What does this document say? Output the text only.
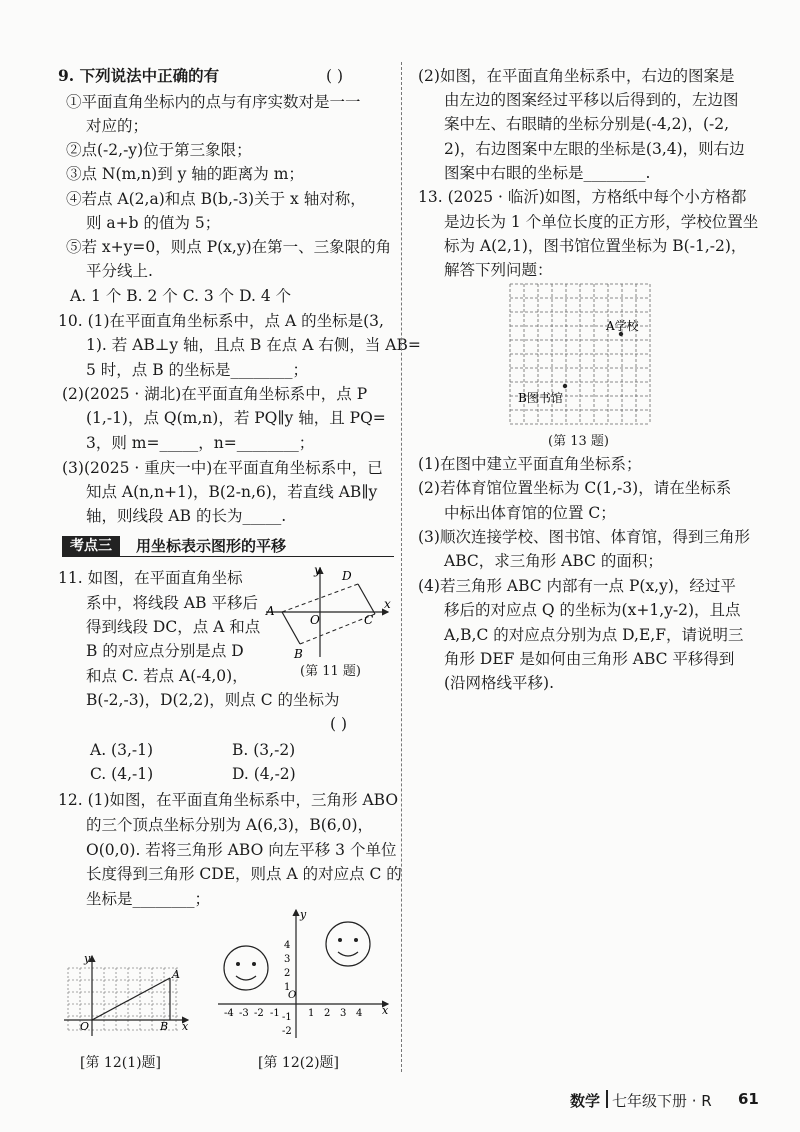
9. 下列说法中正确的有	( )
①平面直角坐标内的点与有序实数对是一一
对应的；
②点(-2,-y)位于第三象限；
③点 N(m,n)到 y 轴的距离为 m；
④若点 A(2,a)和点 B(b,-3)关于 x 轴对称，
则 a+b 的值为 5；
⑤若 x+y=0，则点 P(x,y)在第一、三象限的角
平分线上.
A. 1 个 B. 2 个 C. 3 个 D. 4 个
10. (1)在平面直角坐标系中，点 A 的坐标是(3,
1). 若 AB⊥y 轴，且点 B 在点 A 右侧，当 AB=
5 时，点 B 的坐标是________；
(2)(2025 · 湖北)在平面直角坐标系中，点 P
(1,-1)，点 Q(m,n)，若 PQ∥y 轴，且 PQ=
3，则 m=_____，n=________；
(3)(2025 · 重庆一中)在平面直角坐标系中，已
知点 A(n,n+1)，B(2-n,6)，若直线 AB∥y
轴，则线段 AB 的长为_____.
考点三	用坐标表示图形的平移
11. 如图，在平面直角坐标
系中，将线段 AB 平移后
得到线段 DC，点 A 和点
B 的对应点分别是点 D
和点 C. 若点 A(-4,0)，
B(-2,-3)，D(2,2)，则点 C 的坐标为
( )
A. (3,-1)	B. (3,-2)
C. (4,-1)	D. (4,-2)
y
x
O
A
B
C
D
(第 11 题)
12. (1)如图，在平面直角坐标系中，三角形 ABO
的三个顶点坐标分别为 A(6,3)，B(6,0)，
O(0,0). 若将三角形 ABO 向左平移 3 个单位
长度得到三角形 CDE，则点 A 的对应点 C 的
坐标是________；
y
x
O
A
B
[第 12(1)题]
y
x
O
4
3
2
1
-1
-2
-4 -3 -2 -1	1 2 3 4
[第 12(2)题]
(2)如图，在平面直角坐标系中，右边的图案是
由左边的图案经过平移以后得到的，左边图
案中左、右眼睛的坐标分别是(-4,2)，(-2,
2)，右边图案中左眼的坐标是(3,4)，则右边
图案中右眼的坐标是________.
13. (2025 · 临沂)如图，方格纸中每个小方格都
是边长为 1 个单位长度的正方形，学校位置坐
标为 A(2,1)，图书馆位置坐标为 B(-1,-2)，
解答下列问题：
A学校
B图书馆
(第 13 题)
(1)在图中建立平面直角坐标系；
(2)若体育馆位置坐标为 C(1,-3)，请在坐标系
中标出体育馆的位置 C；
(3)顺次连接学校、图书馆、体育馆，得到三角形
ABC，求三角形 ABC 的面积；
(4)若三角形 ABC 内部有一点 P(x,y)，经过平
移后的对应点 Q 的坐标为(x+1,y-2)，且点
A,B,C 的对应点分别为点 D,E,F，请说明三
角形 DEF 是如何由三角形 ABC 平移得到
(沿网格线平移).
数学 七年级下册 · R 61
